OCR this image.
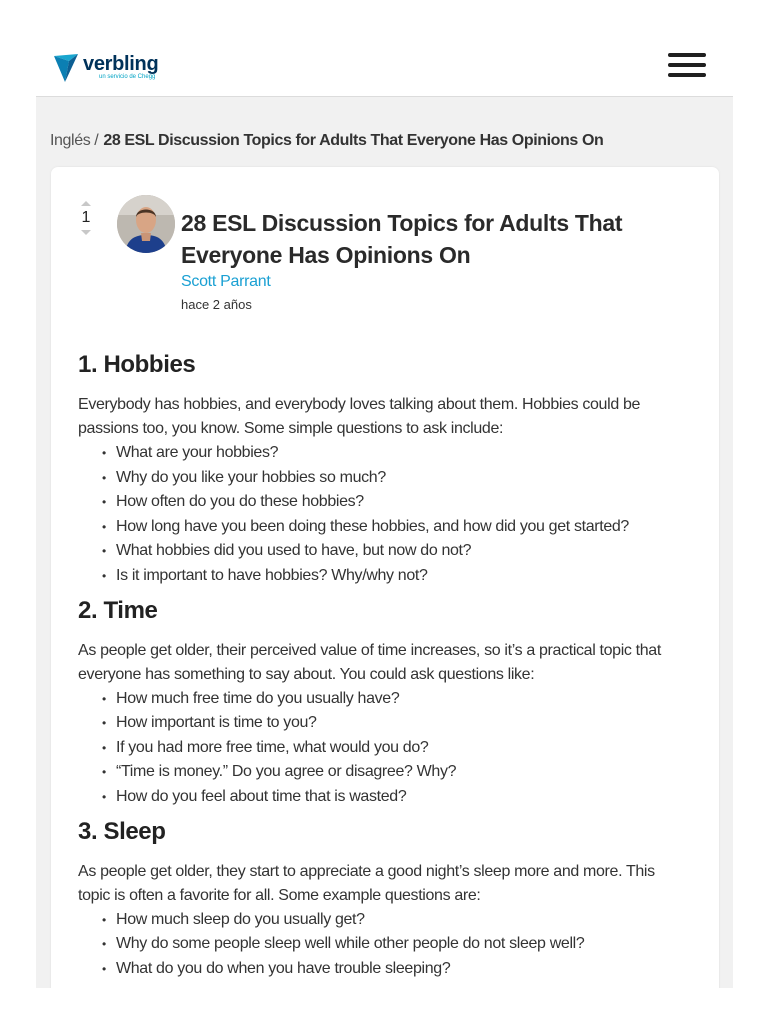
verbling
un servicio de Chegg
Inglés / 28 ESL Discussion Topics for Adults That Everyone Has Opinions On
1	28 ESL Discussion Topics for Adults That Everyone Has Opinions On
Scott Parrant
hace 2 años
1. Hobbies

Everybody has hobbies, and everybody loves talking about them. Hobbies could be passions too, you know. Some simple questions to ask include:

• What are your hobbies?
• Why do you like your hobbies so much?
• How often do you do these hobbies?
• How long have you been doing these hobbies, and how did you get started?
• What hobbies did you used to have, but now do not?
• Is it important to have hobbies? Why/why not?
2. Time

As people get older, their perceived value of time increases, so it’s a practical topic that everyone has something to say about. You could ask questions like:

• How much free time do you usually have?
• How important is time to you?
• If you had more free time, what would you do?
• “Time is money.” Do you agree or disagree? Why?
• How do you feel about time that is wasted?
3. Sleep

As people get older, they start to appreciate a good night’s sleep more and more. This topic is often a favorite for all. Some example questions are:

• How much sleep do you usually get?
• Why do some people sleep well while other people do not sleep well?
• What do you do when you have trouble sleeping?
